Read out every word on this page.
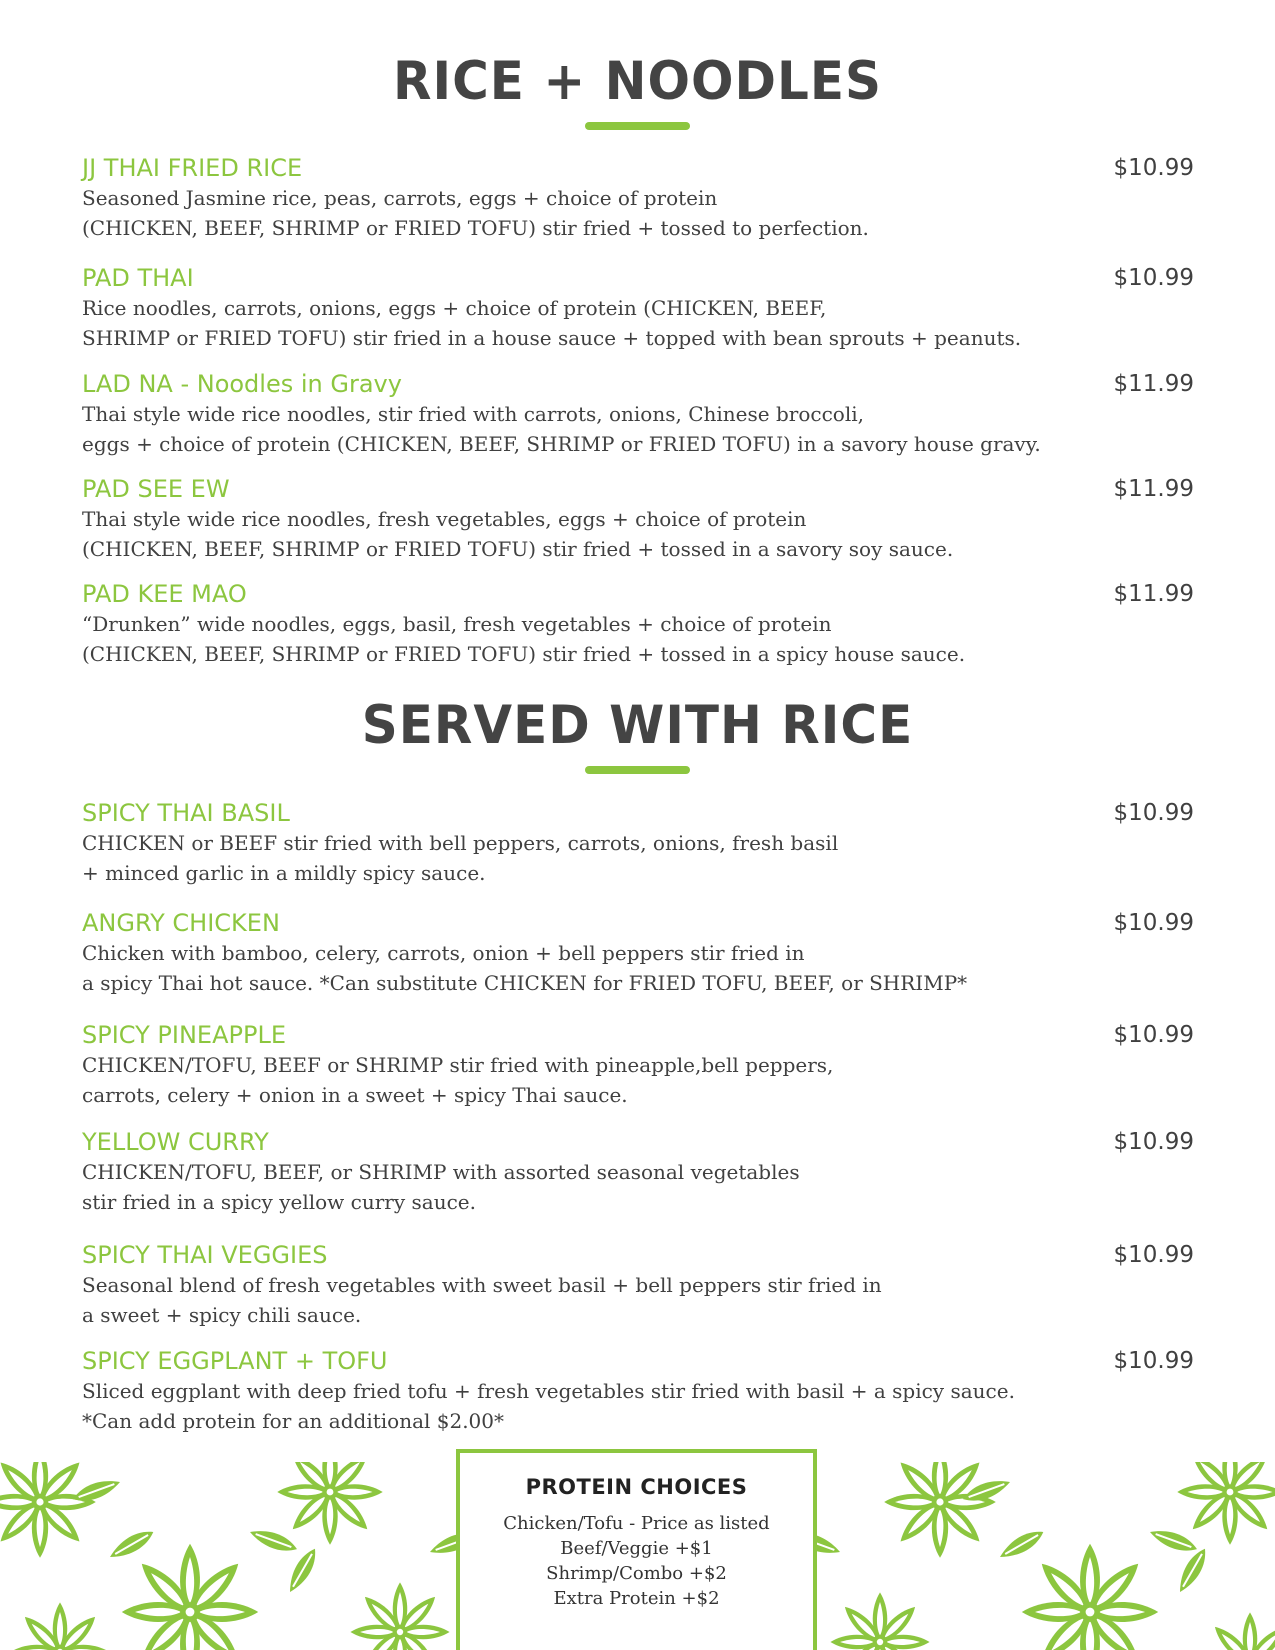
RICE + NOODLES
JJ THAI FRIED RICE	$10.99
Seasoned Jasmine rice, peas, carrots, eggs + choice of protein
(CHICKEN, BEEF, SHRIMP or FRIED TOFU) stir fried + tossed to perfection.
PAD THAI	$10.99
Rice noodles, carrots, onions, eggs + choice of protein (CHICKEN, BEEF,
SHRIMP or FRIED TOFU) stir fried in a house sauce + topped with bean sprouts + peanuts.
LAD NA - Noodles in Gravy	$11.99
Thai style wide rice noodles, stir fried with carrots, onions, Chinese broccoli,
eggs + choice of protein (CHICKEN, BEEF, SHRIMP or FRIED TOFU) in a savory house gravy.
PAD SEE EW	$11.99
Thai style wide rice noodles, fresh vegetables, eggs + choice of protein
(CHICKEN, BEEF, SHRIMP or FRIED TOFU) stir fried + tossed in a savory soy sauce.
PAD KEE MAO	$11.99
“Drunken” wide noodles, eggs, basil, fresh vegetables + choice of protein
(CHICKEN, BEEF, SHRIMP or FRIED TOFU) stir fried + tossed in a spicy house sauce.
SERVED WITH RICE
SPICY THAI BASIL	$10.99
CHICKEN or BEEF stir fried with bell peppers, carrots, onions, fresh basil
+ minced garlic in a mildly spicy sauce.
ANGRY CHICKEN	$10.99
Chicken with bamboo, celery, carrots, onion + bell peppers stir fried in
a spicy Thai hot sauce. *Can substitute CHICKEN for FRIED TOFU, BEEF, or SHRIMP*
SPICY PINEAPPLE	$10.99
CHICKEN/TOFU, BEEF or SHRIMP stir fried with pineapple,bell peppers,
carrots, celery + onion in a sweet + spicy Thai sauce.
YELLOW CURRY	$10.99
CHICKEN/TOFU, BEEF, or SHRIMP with assorted seasonal vegetables
stir fried in a spicy yellow curry sauce.
SPICY THAI VEGGIES	$10.99
Seasonal blend of fresh vegetables with sweet basil + bell peppers stir fried in
a sweet + spicy chili sauce.
SPICY EGGPLANT + TOFU	$10.99
Sliced eggplant with deep fried tofu + fresh vegetables stir fried with basil + a spicy sauce.
*Can add protein for an additional $2.00*
PROTEIN CHOICES
Chicken/Tofu - Price as listed
Beef/Veggie +$1
Shrimp/Combo +$2
Extra Protein +$2
